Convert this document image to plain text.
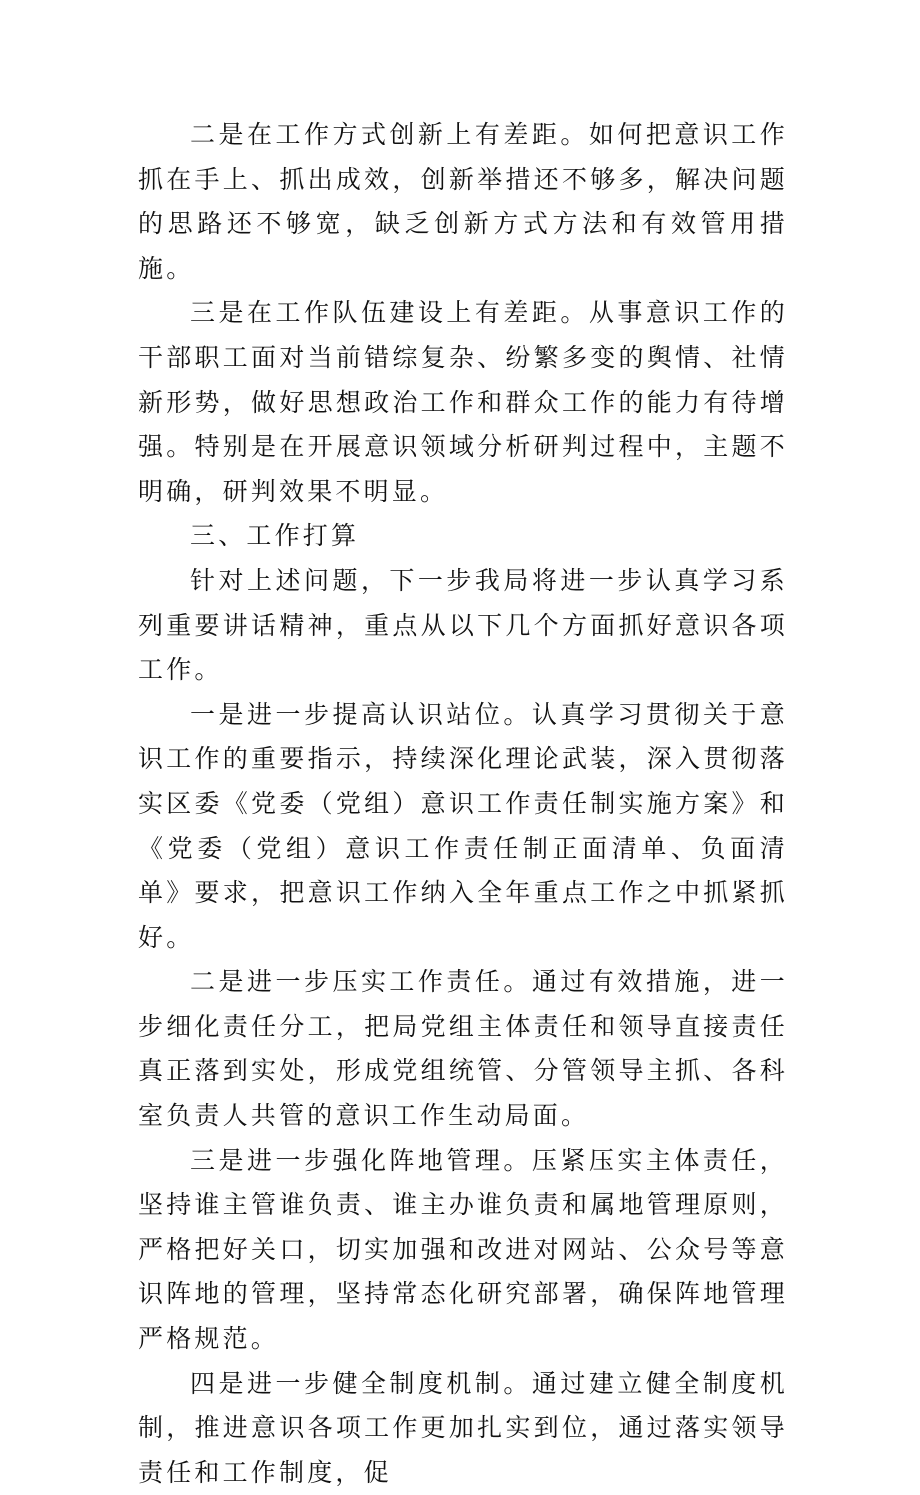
二是在工作方式创新上有差距。如何把意识工作抓在手上、抓出成效，创新举措还不够多，解决问题的思路还不够宽，缺乏创新方式方法和有效管用措施。

三是在工作队伍建设上有差距。从事意识工作的干部职工面对当前错综复杂、纷繁多变的舆情、社情新形势，做好思想政治工作和群众工作的能力有待增强。特别是在开展意识领域分析研判过程中，主题不明确，研判效果不明显。

三、工作打算

针对上述问题，下一步我局将进一步认真学习系列重要讲话精神，重点从以下几个方面抓好意识各项工作。

一是进一步提高认识站位。认真学习贯彻关于意识工作的重要指示，持续深化理论武装，深入贯彻落实区委《党委（党组）意识工作责任制实施方案》和《党委（党组）意识工作责任制正面清单、负面清单》要求，把意识工作纳入全年重点工作之中抓紧抓好。

二是进一步压实工作责任。通过有效措施，进一步细化责任分工，把局党组主体责任和领导直接责任真正落到实处，形成党组统管、分管领导主抓、各科室负责人共管的意识工作生动局面。

三是进一步强化阵地管理。压紧压实主体责任，坚持谁主管谁负责、谁主办谁负责和属地管理原则，严格把好关口，切实加强和改进对网站、公众号等意识阵地的管理，坚持常态化研究部署，确保阵地管理严格规范。

四是进一步健全制度机制。通过建立健全制度机制，推进意识各项工作更加扎实到位，通过落实领导责任和工作制度，促
